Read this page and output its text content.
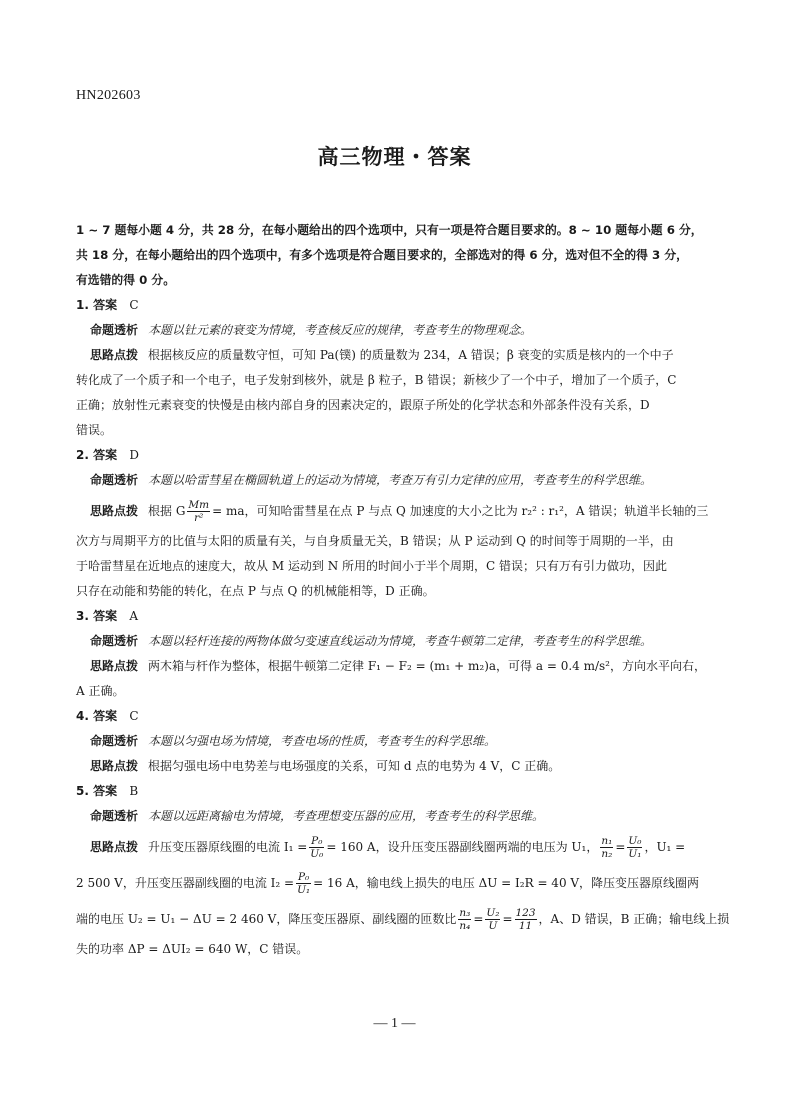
HN202603
高三物理・答案
1 ~ 7 题每小题 4 分，共 28 分，在每小题给出的四个选项中，只有一项是符合题目要求的。8 ~ 10 题每小题 6 分，
共 18 分，在每小题给出的四个选项中，有多个选项是符合题目要求的，全部选对的得 6 分，选对但不全的得 3 分，
有选错的得 0 分。
1. 答案 C
命题透析 本题以钍元素的衰变为情境，考查核反应的规律，考查考生的物理观念。
思路点拨 根据核反应的质量数守恒，可知 Pa(镤) 的质量数为 234，A 错误；β 衰变的实质是核内的一个中子
转化成了一个质子和一个电子，电子发射到核外，就是 β 粒子，B 错误；新核少了一个中子，增加了一个质子，C
正确；放射性元素衰变的快慢是由核内部自身的因素决定的，跟原子所处的化学状态和外部条件没有关系，D
错误。
2. 答案 D
命题透析 本题以哈雷彗星在椭圆轨道上的运动为情境，考查万有引力定律的应用，考查考生的科学思维。
思路点拨 根据 G $\frac{Mm}{\text{r²}}$ = ma，可知哈雷彗星在点 P 与点 Q 加速度的大小之比为 r₂² : r₁²，A 错误；轨道半长轴的三
次方与周期平方的比值与太阳的质量有关，与自身质量无关，B 错误；从 P 运动到 Q 的时间等于周期的一半，由
于哈雷彗星在近地点的速度大，故从 M 运动到 N 所用的时间小于半个周期，C 错误；只有万有引力做功，因此
只存在动能和势能的转化，在点 P 与点 Q 的机械能相等，D 正确。
3. 答案 A
命题透析 本题以轻杆连接的两物体做匀变速直线运动为情境，考查牛顿第二定律，考查考生的科学思维。
思路点拨 两木箱与杆作为整体，根据牛顿第二定律 F₁ − F₂ = (m₁ + m₂)a，可得 a = 0.4 m/s²，方向水平向右，
A 正确。
4. 答案 C
命题透析 本题以匀强电场为情境，考查电场的性质，考查考生的科学思维。
思路点拨 根据匀强电场中电势差与电场强度的关系，可知 d 点的电势为 4 V，C 正确。
5. 答案 B
命题透析 本题以远距离输电为情境，考查理想变压器的应用，考查考生的科学思维。
思路点拨 升压变压器原线圈的电流 $I_1 = \frac{\text{P₀}}{\text{U₀}} = 160$ A，设升压变压器副线圈两端的电压为 U₁， $\frac{\text{n₁}}{\text{n₂}} = \frac{\text{U₀}}{\text{U₁}}$ ，U₁ =
2 500 V，升压变压器副线圈的电流 $I_2 = \frac{\text{P₀}}{\text{U₁}} = 16$ A，输电线上损失的电压 ΔU = I₂R = 40 V，降压变压器原线圈两
端的电压 U₂ = U₁ − ΔU = 2 460 V，降压变压器原、副线圈的匝数比 $\frac{\text{n₃}}{\text{n₄}} = \frac{\text{U₂}}{U} = \frac{123}{11}$ ，A、D 错误，B 正确；输电线上损
失的功率 ΔP = ΔUI₂ = 640 W，C 错误。
— 1 —
